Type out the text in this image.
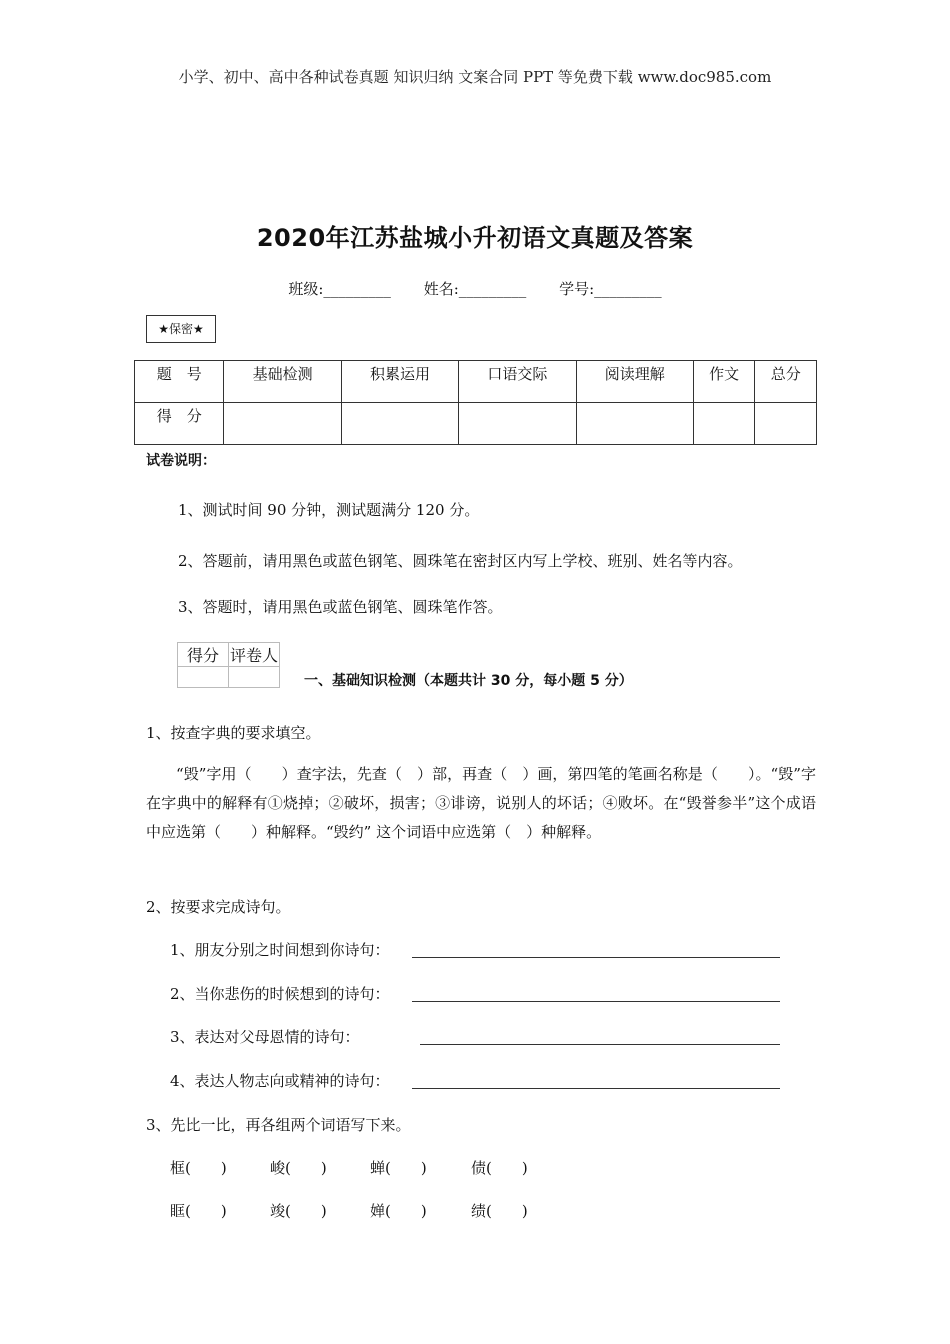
小学、初中、高中各种试卷真题 知识归纳 文案合同 PPT 等免费下载 www.doc985.com
2020年江苏盐城小升初语文真题及答案
班级:_________ 姓名:_________ 学号:_________
★保密★
题　号	基础检测	积累运用	口语交际	阅读理解	作文	总分
得　分						
试卷说明：
1、测试时间 90 分钟，测试题满分 120 分。
2、答题前，请用黑色或蓝色钢笔、圆珠笔在密封区内写上学校、班别、姓名等内容。
3、答题时，请用黑色或蓝色钢笔、圆珠笔作答。
得分	评卷人

一、基础知识检测（本题共计 30 分，每小题 5 分）
1、按查字典的要求填空。
“毁”字用（　　）查字法，先查（　）部，再查（　）画，第四笔的笔画名称是（　　）。“毁”字在字典中的解释有①烧掉；②破坏，损害；③诽谤，说别人的坏话；④败坏。在“毁誉参半”这个成语中应选第（　　）种解释。“毁约” 这个词语中应选第（　）种解释。
2、按要求完成诗句。
1、朋友分别之时间想到你诗句：
2、当你悲伤的时候想到的诗句：
3、表达对父母恩情的诗句：
4、表达人物志向或精神的诗句：
3、先比一比，再各组两个词语写下来。
框(　　)	峻(　　)	蝉(　　)	债(　　)
眶(　　)	竣(　　)	婵(　　)	绩(　　)
